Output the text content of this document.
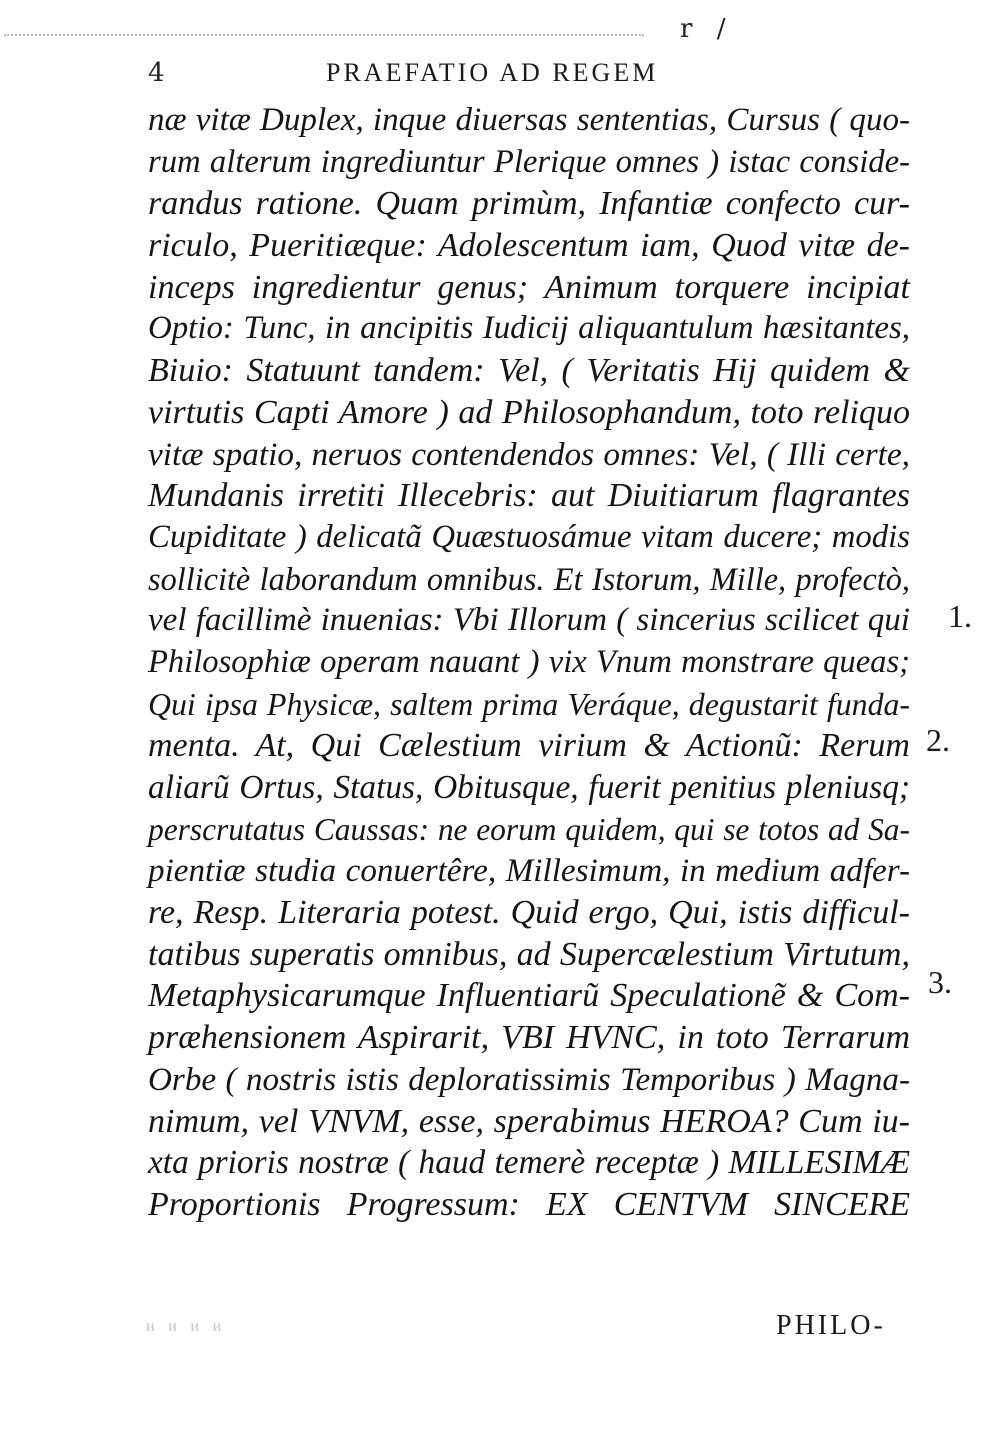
r /
4	PRAEFATIO AD REGEM
næ vitæ Duplex, inque diuersas sententias, Cursus ( quo-
rum alterum ingrediuntur Plerique omnes ) istac conside-
randus ratione. Quam primùm, Infantiæ confecto cur-
riculo, Pueritiæque: Adolescentum iam, Quod vitæ de-
inceps ingredientur genus; Animum torquere incipiat
Optio: Tunc, in ancipitis Iudicij aliquantulum hæsitantes,
Biuio: Statuunt tandem: Vel, ( Veritatis Hij quidem &
virtutis Capti Amore ) ad Philosophandum, toto reliquo
vitæ spatio, neruos contendendos omnes: Vel, ( Illi certe,
Mundanis irretiti Illecebris: aut Diuitiarum flagrantes
Cupiditate ) delicatã Quæstuosámue vitam ducere; modis
sollicitè laborandum omnibus. Et Istorum, Mille, profectò,
vel facillimè inuenias: Vbi Illorum ( sincerius scilicet qui
Philosophiæ operam nauant ) vix Vnum monstrare queas;
Qui ipsa Physicæ, saltem prima Veráque, degustarit funda-
menta. At, Qui Cælestium virium & Actionũ: Rerum
aliarũ Ortus, Status, Obitusque, fuerit penitius pleniusq;
perscrutatus Caussas: ne eorum quidem, qui se totos ad Sa-
pientiæ studia conuertêre, Millesimum, in medium adfer-
re, Resp. Literaria potest. Quid ergo, Qui, istis difficul-
tatibus superatis omnibus, ad Supercælestium Virtutum,
Metaphysicarumque Influentiarũ Speculationẽ & Com-
præhensionem Aspirarit, VBI HVNC, in toto Terrarum
Orbe ( nostris istis deploratissimis Temporibus ) Magna-
nimum, vel VNVM, esse, sperabimus HEROA? Cum iu-
xta prioris nostræ ( haud temerè receptæ ) MILLESIMÆ
Proportionis Progressum: EX CENTVM SINCERE
1.
2.
3.
ᴎ ᴎ ᴎ ᴎ	PHILO-
